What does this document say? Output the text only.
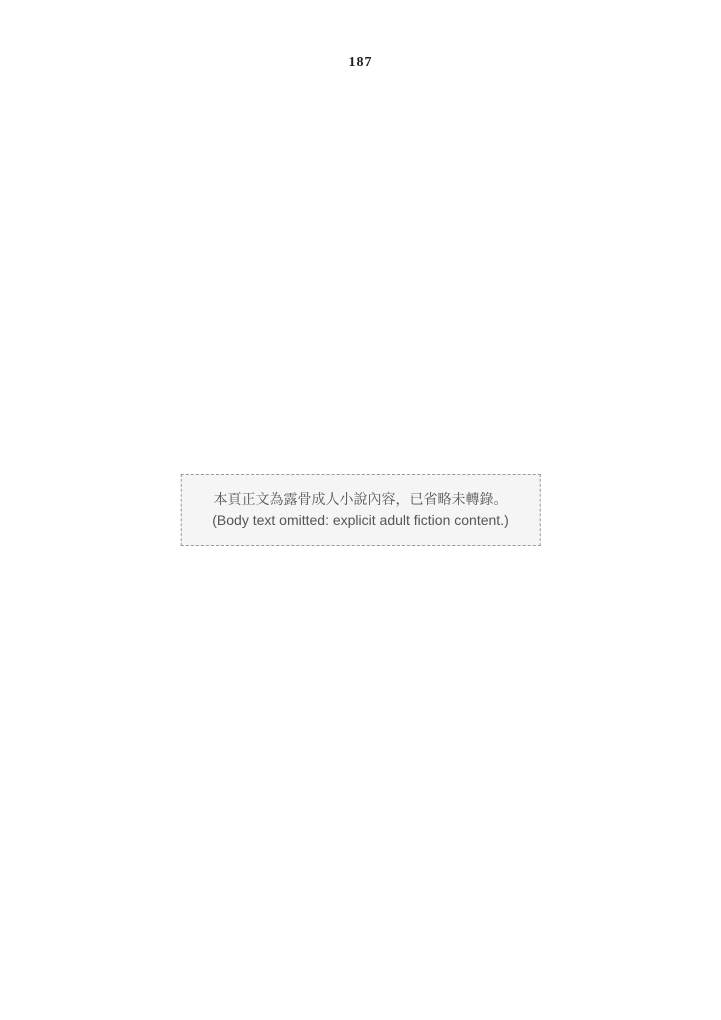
187
本頁正文為露骨成人小說內容，已省略未轉錄。(Body text omitted: explicit adult fiction content.)
